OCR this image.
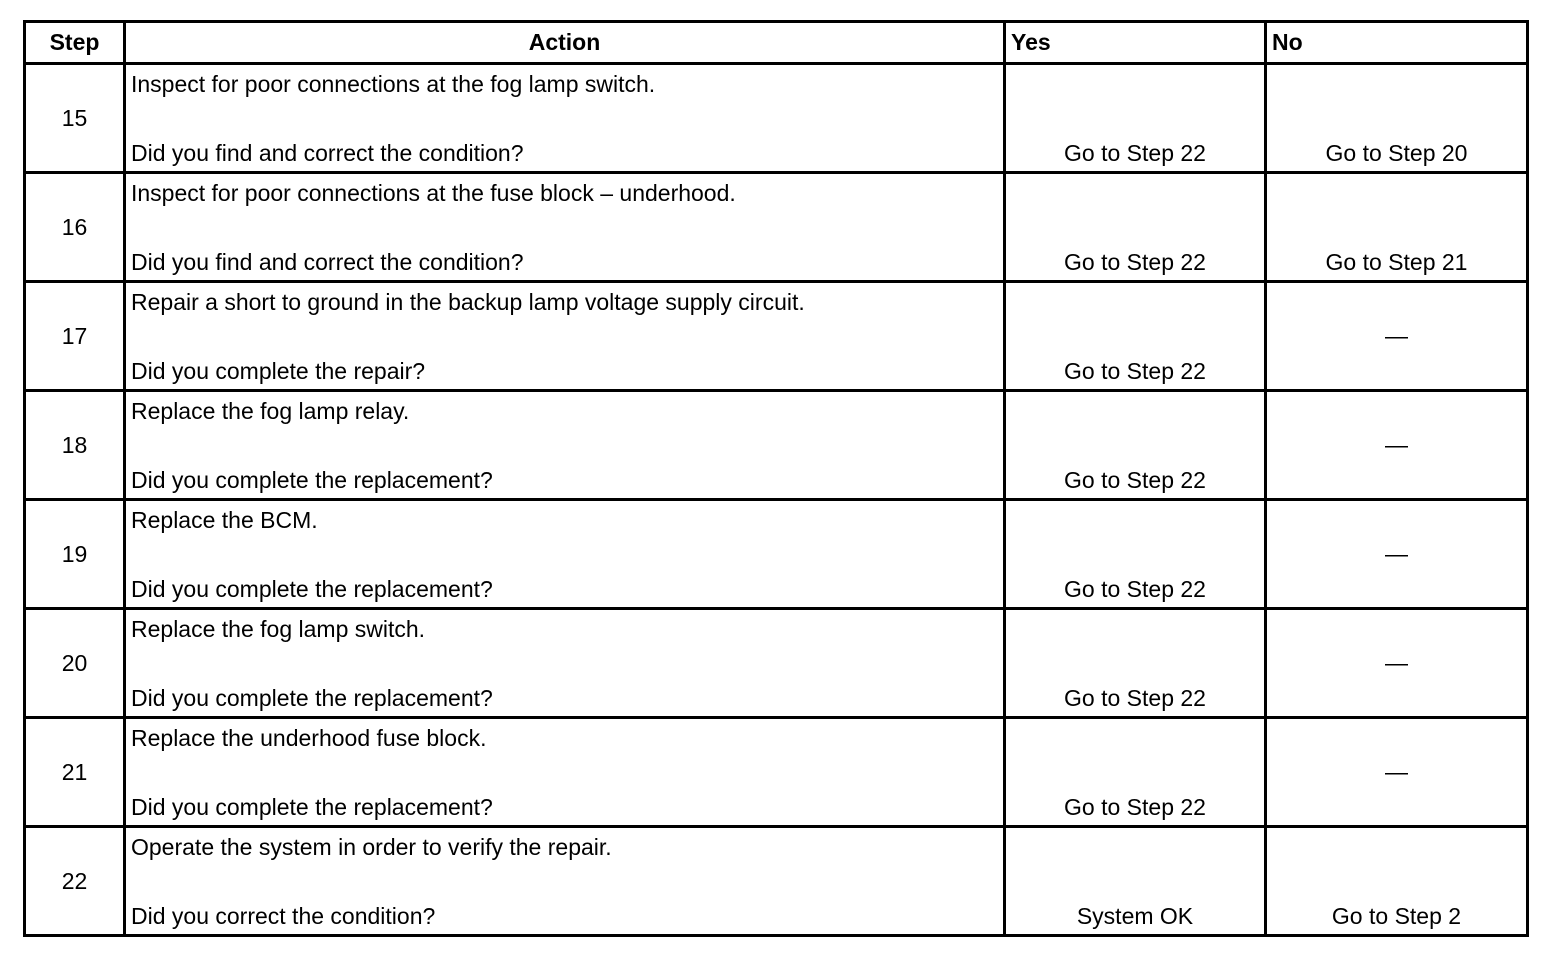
Step	Action	Yes	No
15	Inspect for poor connections at the fog lamp switch.
Did you find and correct the condition?	Go to Step 22	Go to Step 20

16	Inspect for poor connections at the fuse block – underhood.
Did you find and correct the condition?	Go to Step 22	Go to Step 21

17	Repair a short to ground in the backup lamp voltage supply circuit.
Did you complete the repair?	Go to Step 22	—

18	Replace the fog lamp relay.
Did you complete the replacement?	Go to Step 22	—

19	Replace the BCM.
Did you complete the replacement?	Go to Step 22	—

20	Replace the fog lamp switch.
Did you complete the replacement?	Go to Step 22	—

21	Replace the underhood fuse block.
Did you complete the replacement?	Go to Step 22	—

22	Operate the system in order to verify the repair.
Did you correct the condition?	System OK	Go to Step 2
